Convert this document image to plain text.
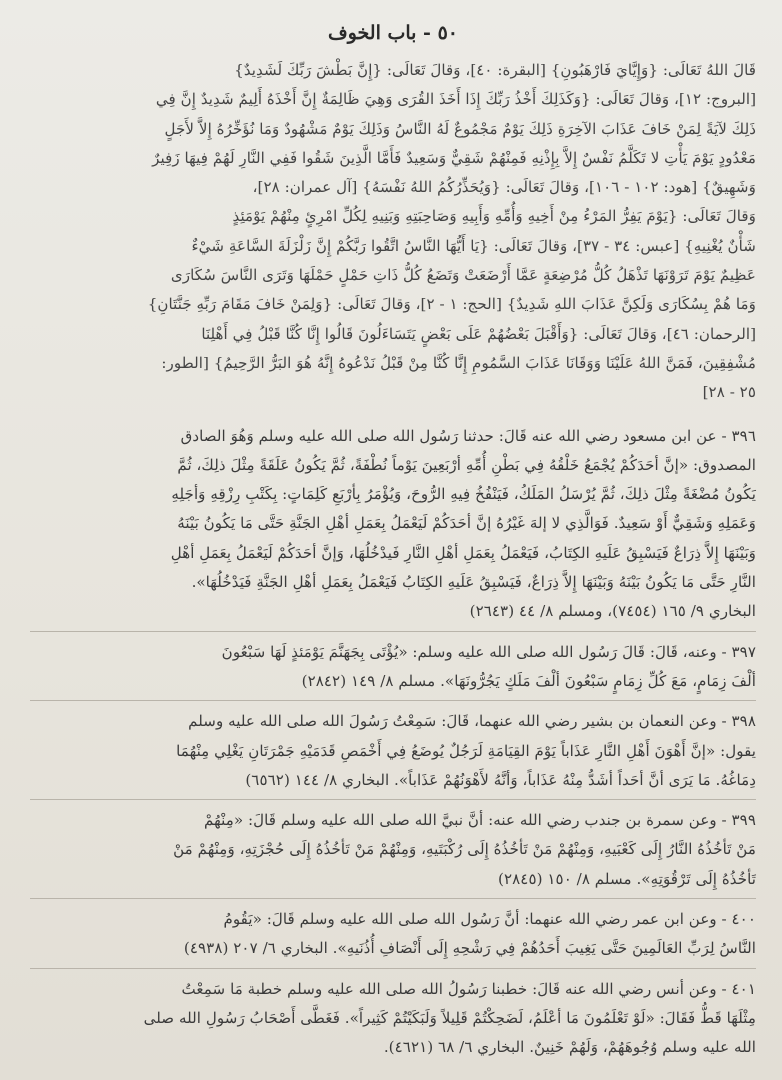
٥٠ - باب الخوف

قَالَ اللهُ تَعَالَى: {وَإِيَّايَ فَارْهَبُونِ} [البقرة: ٤٠]، وَقالَ تَعَالَى: {إِنَّ بَطْشَ رَبِّكَ لَشَدِيدٌ}

[البروج: ١٢]، وَقالَ تَعَالَى: {وَكَذَلِكَ أَخْذُ رَبِّكَ إِذَا أَخَذَ القُرَى وَهِيَ ظَالِمَةٌ إِنَّ أَخْذَهُ أَلِيمٌ شَدِيدٌ إِنَّ فِي

ذَلِكَ لآيَةً لِمَنْ خَافَ عَذَابَ الآخِرَةِ ذَلِكَ يَوْمٌ مَجْمُوعٌ لَهُ النَّاسُ وَذَلِكَ يَوْمٌ مَشْهُودٌ وَمَا نُؤَخِّرُهُ إِلاَّ لأَجَلٍ

مَعْدُودٍ يَوْمَ يَأْتِ لا تَكَلَّمُ نَفْسٌ إِلاَّ بِإِذْنِهِ فَمِنْهُمْ شَقِيٌّ وَسَعِيدٌ فَأَمَّا الَّذِينَ شَقُوا فَفِي النَّارِ لَهُمْ فِيهَا زَفِيرٌ

وَشَهِيقٌ} [هود: ١٠٢ - ١٠٦]، وَقالَ تَعَالَى: {وَيُحَذِّرُكُمُ اللهُ نَفْسَهُ} [آل عمران: ٢٨]،

وَقالَ تَعَالَى: {يَوْمَ يَفِرُّ المَرْءُ مِنْ أَخِيهِ وَأُمِّهِ وَأَبِيهِ وَصَاحِبَتِهِ وَبَنِيهِ لِكُلِّ امْرِئٍ مِنْهُمْ يَوْمَئِذٍ

شَأْنٌ يُغْنِيهِ} [عبس: ٣٤ - ٣٧]، وَقالَ تَعَالَى: {يَا أَيُّهَا النَّاسُ اتَّقُوا رَبَّكُمْ إِنَّ زَلْزَلَةَ السَّاعَةِ شَيْءٌ

عَظِيمٌ يَوْمَ تَرَوْنَهَا تَذْهَلُ كُلُّ مُرْضِعَةٍ عَمَّا أَرْضَعَتْ وَتَضَعُ كُلُّ ذَاتِ حَمْلٍ حَمْلَهَا وَتَرَى النَّاسَ سُكَارَى

وَمَا هُمْ بِسُكَارَى وَلَكِنَّ عَذَابَ اللهِ شَدِيدٌ} [الحج: ١ - ٢]، وَقالَ تَعَالَى: {وَلِمَنْ خَافَ مَقَامَ رَبِّهِ جَنَّتَانِ}

[الرحمان: ٤٦]، وَقالَ تَعَالَى: {وَأَقْبَلَ بَعْضُهُمْ عَلَى بَعْضٍ يَتَسَاءَلُونَ قَالُوا إِنَّا كُنَّا قَبْلُ فِي أَهْلِنَا

مُشْفِقِينَ، فَمَنَّ اللهُ عَلَيْنَا وَوَقَانَا عَذَابَ السَّمُومِ إِنَّا كُنَّا مِنْ قَبْلُ نَدْعُوهُ إِنَّهُ هُوَ البَرُّ الرَّحِيمُ} [الطور:

٢٥ - ٢٨]

٣٩٦ - عن ابن مسعود رضي الله عنه قَالَ: حدثنا رَسُول الله صلى الله عليه وسلم وَهُوَ الصادق

المصدوق: «إنَّ أحَدَكُمْ يُجْمَعُ خَلْقُهُ فِي بَطْنِ أُمِّهِ أرْبَعِينَ يَوْماً نُطْفَةً، ثُمَّ يَكُونُ عَلَقَةً مِثْلَ ذلِكَ، ثُمَّ

يَكُونُ مُضْغَةً مِثْلَ ذلِكَ، ثُمَّ يُرْسَلُ المَلَكُ، فَيَنْفُخُ فِيهِ الرُّوحَ، وَيُؤْمَرُ بِأرْبَعِ كَلِمَاتٍ: بِكَتْبِ رِزْقِهِ وَأجَلِهِ

وَعَمَلِهِ وَشَقِيٌّ أَوْ سَعِيدٌ. فَوَالَّذِي لا إلهَ غَيْرُهُ إنَّ أحَدَكُمْ لَيَعْمَلُ بِعَمَلِ أهْلِ الجَنَّةِ حَتَّى مَا يَكُونُ بَيْنَهُ

وَبَيْنَهَا إِلاَّ ذِرَاعٌ فَيَسْبِقُ عَلَيهِ الكِتَابُ، فَيَعْمَلُ بِعَمَلِ أهْلِ النَّارِ فَيدْخُلُهَا، وَإنَّ أحَدَكُمْ لَيَعْمَلُ بِعَمَلِ أهْلِ

النَّارِ حَتَّى مَا يَكُونُ بَيْنَهُ وَبَيْنَهَا إِلاَّ ذِرَاعٌ، فَيَسْبِقُ عَلَيهِ الكِتَابُ فَيَعْمَلُ بِعَمَلِ أهْلِ الجَنَّةِ فَيَدْخُلُهَا».

البخاري ٩/ ١٦٥ (٧٤٥٤)، ومسلم ٨/ ٤٤ (٢٦٤٣)

٣٩٧ - وعنه، قَالَ: قَالَ رَسُول الله صلى الله عليه وسلم: «يُؤْتَى بِجَهَنَّمَ يَوْمَئذٍ لَهَا سَبْعُونَ

ألْفَ زِمَامٍ، مَعَ كُلِّ زِمَامٍ سَبْعُونَ ألْفَ مَلَكٍ يَجُرُّونَهَا». مسلم ٨/ ١٤٩ (٢٨٤٢)

٣٩٨ - وعن النعمان بن بشير رضي الله عنهما، قَالَ: سَمِعْتُ رَسُولَ الله صلى الله عليه وسلم

يقول: «إنَّ أَهْوَنَ أَهْلِ النَّارِ عَذَاباً يَوْمَ القِيَامَةِ لَرَجُلٌ يُوضَعُ فِي أَخْمَصِ قَدَمَيْهِ جَمْرَتَانِ يَغْلِي مِنْهُمَا

دِمَاغُهُ. مَا يَرَى أنَّ أحَداً أشَدُّ مِنْهُ عَذَاباً، وَأنَّهُ لأَهْوَنُهُمْ عَذَاباً». البخاري ٨/ ١٤٤ (٦٥٦٢)

٣٩٩ - وعن سمرة بن جندب رضي الله عنه: أنَّ نبيَّ الله صلى الله عليه وسلم قَالَ: «مِنْهُمْ

مَنْ تَأخُذُهُ النَّارُ إِلَى كَعْبَيهِ، وَمِنْهُمْ مَنْ تَأخُذُهُ إِلَى رُكْبَتَيهِ، وَمِنْهُمْ مَنْ تَأخُذُهُ إِلَى حُجْزَتِهِ، وَمِنْهُمْ مَنْ

تَأخُذُهُ إِلَى تَرْقُوَتِهِ». مسلم ٨/ ١٥٠ (٢٨٤٥)

٤٠٠ - وعن ابن عمر رضي الله عنهما: أنَّ رَسُول الله صلى الله عليه وسلم قَالَ: «يَقُومُ

النَّاسُ لِرَبِّ العَالَمِينَ حَتَّى يَغِيبَ أَحَدُهُمْ فِي رَشْحِهِ إِلَى أَنْصَافِ أُذُنَيهِ». البخاري ٦/ ٢٠٧ (٤٩٣٨)

٤٠١ - وعن أنس رضي الله عنه قَالَ: خطبنا رَسُولُ الله صلى الله عليه وسلم خطبة مَا سَمِعْتُ

مِثْلَهَا قَطُّ فَقَالَ: «لَوْ تَعْلَمُونَ مَا أعْلَمُ، لَضَحِكْتُمْ قَلِيلاً وَلَبَكَيْتُمْ كَثِيراً». فَغَطَّى أَصْحَابُ رَسُولِ الله صلى

الله عليه وسلم وُجُوهَهُمْ، وَلَهُمْ خَنِينٌ. البخاري ٦/ ٦٨ (٤٦٢١).
